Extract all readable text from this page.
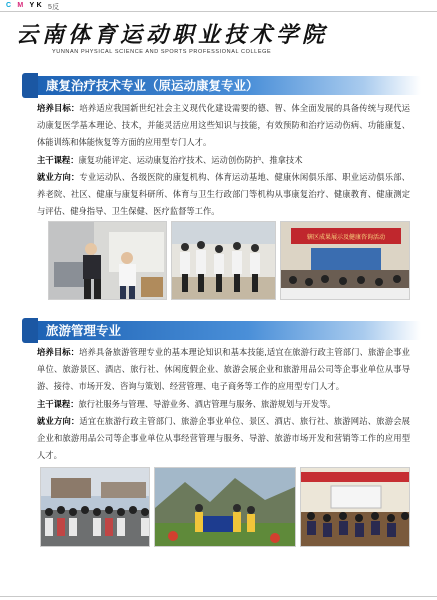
C M Y K 5反
云南体育运动职业技术学院
YUNNAN PHYSICAL SCIENCE AND SPORTS PROFESSIONAL COLLEGE
康复治疗技术专业（原运动康复专业）
培养目标：培养适应我国新世纪社会主义现代化建设需要的德、智、体全面发展的具备传统与现代运动康复医学基本理论、技术，并能灵活应用这些知识与技能，有效预防和治疗运动伤病、功能康复、体能训练和体能恢复等方面的应用型专门人才。
主干课程：康复功能评定、运动康复治疗技术、运动创伤防护、推拿技术
就业方向：专业运动队、各级医院的康复机构、体育运动基地、健康休闲俱乐部、职业运动俱乐部、养老院、社区、健康与康复科研所、体育与卫生行政部门等机构从事康复治疗、健康教育、健康测定与评估、健身指导、卫生保健、医疗监督等工作。
辖区成果展示及健康咨询活动
旅游管理专业
培养目标：培养具备旅游管理专业的基本理论知识和基本技能,适宜在旅游行政主管部门、旅游企事业单位、旅游景区、酒店、旅行社、休闲度假企业、旅游会展企业和旅游用品公司等企事业单位从事导游、接待、市场开发、咨询与策划、经营管理、电子商务等工作的应用型专门人才。
主干课程：旅行社服务与管理、导游业务、酒店管理与服务、旅游规划与开发等。
就业方向：适宜在旅游行政主管部门、旅游企事业单位、景区、酒店、旅行社、旅游网站、旅游会展企业和旅游用品公司等企事业单位从事经营管理与服务、导游、旅游市场开发和营销等工作的应用型人才。
